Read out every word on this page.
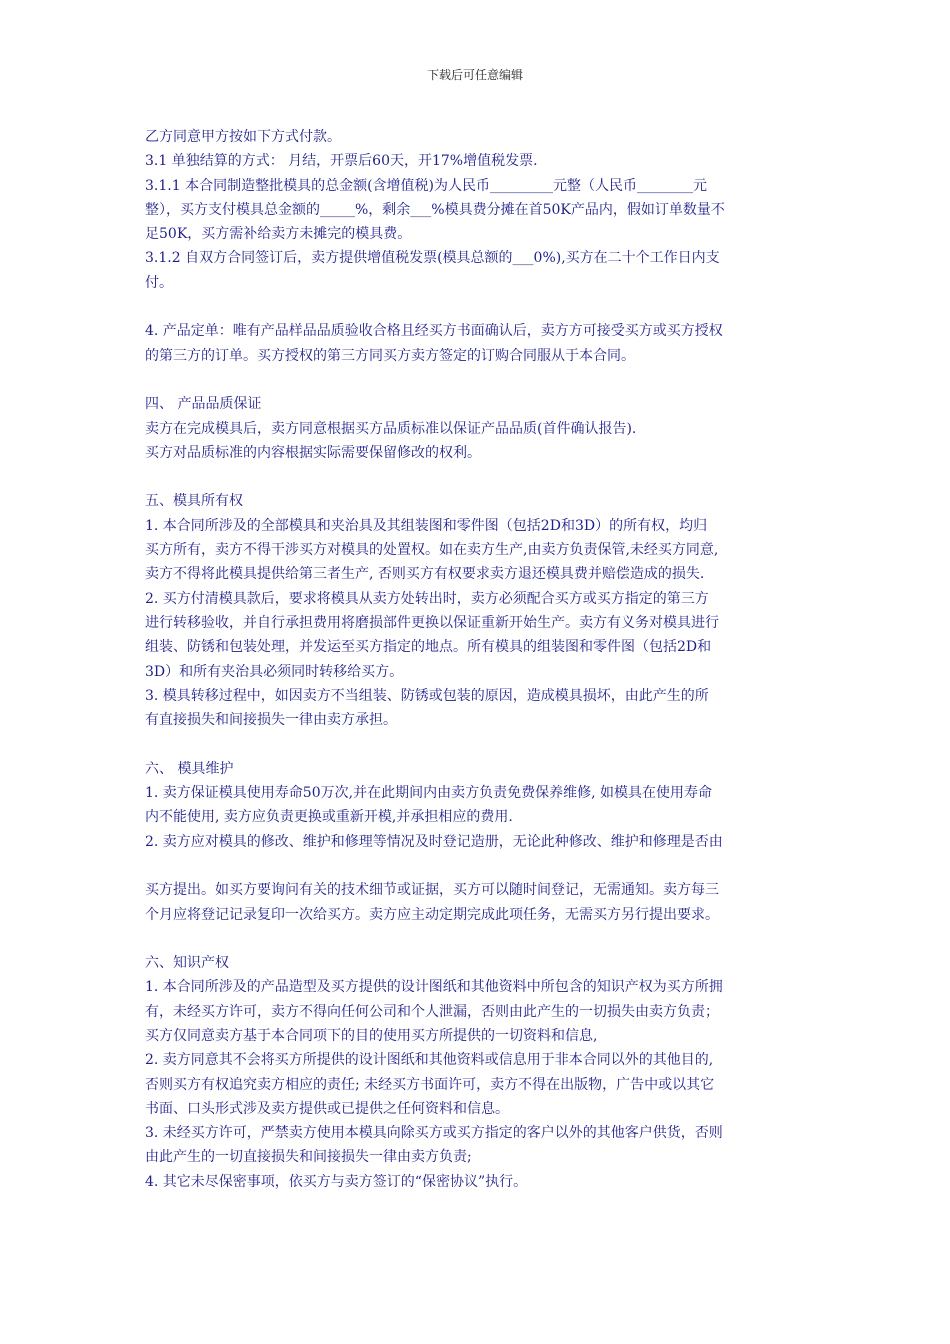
下载后可任意编辑
乙方同意甲方按如下方式付款。
3.1 单独结算的方式： 月结，开票后60天，开17%增值税发票.
3.1.1 本合同制造整批模具的总金额(含增值税)为人民币_________元整（人民币________元
整），买方支付模具总金额的_____%，剩余___%模具费分摊在首50K产品内，假如订单数量不
足50K，买方需补给卖方未摊完的模具费。
3.1.2 自双方合同签订后，卖方提供增值税发票(模具总额的___0%),买方在二十个工作日内支
付。
4. 产品定单：唯有产品样品品质验收合格且经买方书面确认后，卖方方可接受买方或买方授权
的第三方的订单。买方授权的第三方同买方卖方签定的订购合同服从于本合同。
四、 产品品质保证
卖方在完成模具后，卖方同意根据买方品质标准以保证产品品质(首件确认报告).
买方对品质标准的内容根据实际需要保留修改的权利。
五、模具所有权
1. 本合同所涉及的全部模具和夹治具及其组装图和零件图（包括2D和3D）的所有权，均归
买方所有，卖方不得干涉买方对模具的处置权。如在卖方生产,由卖方负责保管,未经买方同意,
卖方不得将此模具提供给第三者生产, 否则买方有权要求卖方退还模具费并赔偿造成的损失.
2. 买方付清模具款后，要求将模具从卖方处转出时，卖方必须配合买方或买方指定的第三方
进行转移验收，并自行承担费用将磨损部件更换以保证重新开始生产。卖方有义务对模具进行
组装、防锈和包装处理，并发运至买方指定的地点。所有模具的组装图和零件图（包括2D和
3D）和所有夹治具必须同时转移给买方。
3. 模具转移过程中，如因卖方不当组装、防锈或包装的原因，造成模具损坏，由此产生的所
有直接损失和间接损失一律由卖方承担。
六、 模具维护
1. 卖方保证模具使用寿命50万次,并在此期间内由卖方负责免费保养维修, 如模具在使用寿命
内不能使用, 卖方应负责更换或重新开模,并承担相应的费用.
2. 卖方应对模具的修改、维护和修理等情况及时登记造册，无论此种修改、维护和修理是否由
买方提出。如买方要询问有关的技术细节或证据，买方可以随时间登记，无需通知。卖方每三
个月应将登记记录复印一次给买方。卖方应主动定期完成此项任务，无需买方另行提出要求。
六、知识产权
1. 本合同所涉及的产品造型及买方提供的设计图纸和其他资料中所包含的知识产权为买方所拥
有，未经买方许可，卖方不得向任何公司和个人泄漏，否则由此产生的一切损失由卖方负责；
买方仅同意卖方基于本合同项下的目的使用买方所提供的一切资料和信息,
2. 卖方同意其不会将买方所提供的设计图纸和其他资料或信息用于非本合同以外的其他目的,
否则买方有权追究卖方相应的责任; 未经买方书面许可，卖方不得在出版物，广告中或以其它
书面、口头形式涉及卖方提供或已提供之任何资料和信息。
3. 未经买方许可，严禁卖方使用本模具向除买方或买方指定的客户以外的其他客户供货，否则
由此产生的一切直接损失和间接损失一律由卖方负责;
4. 其它未尽保密事项，依买方与卖方签订的“保密协议”执行。
